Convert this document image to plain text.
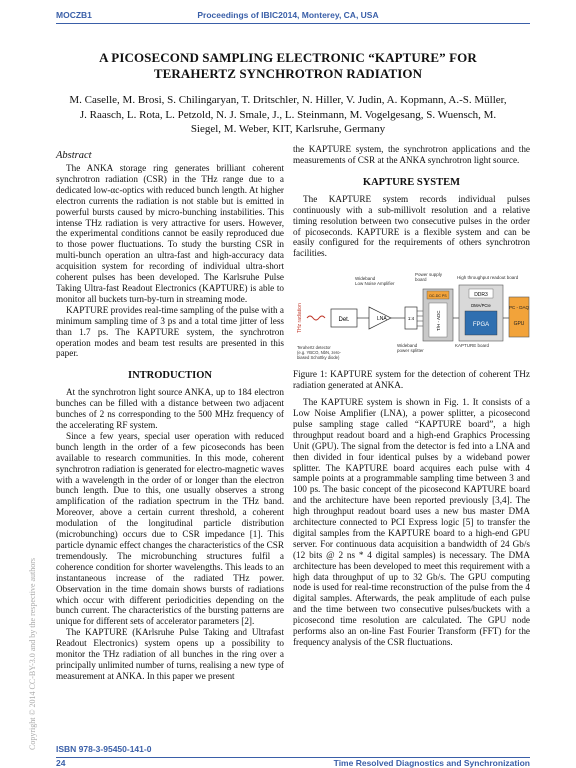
MOCZB1	Proceedings of IBIC2014, Monterey, CA, USA
A PICOSECOND SAMPLING ELECTRONIC “KAPTURE” FOR
TERAHERTZ SYNCHROTRON RADIATION
M. Caselle, M. Brosi, S. Chilingaryan, T. Dritschler, N. Hiller, V. Judin, A. Kopmann, A.-S. Müller,
J. Raasch, L. Rota, L. Petzold, N. J. Smale, J., L. Steinmann, M. Vogelgesang, S. Wuensch, M.
Siegel, M. Weber, KIT, Karlsruhe, Germany
Abstract

The ANKA storage ring generates brilliant coherent synchrotron radiation (CSR) in the THz range due to a dedicated low-αc-optics with reduced bunch length. At higher electron currents the radiation is not stable but is emitted in powerful bursts caused by micro-bunching instabilities. This intense THz radiation is very attractive for users. However, the experimental conditions cannot be easily reproduced due to those power fluctuations. To study the bursting CSR in multi-bunch operation an ultra-fast and high-accuracy data acquisition system for recording of individual ultra-short coherent pulses has been developed. The Karlsruhe Pulse Taking Ultra-fast Readout Electronics (KAPTURE) is able to monitor all buckets turn-by-turn in streaming mode.

KAPTURE provides real-time sampling of the pulse with a minimum sampling time of 3 ps and a total time jitter of less than 1.7 ps. The KAPTURE system, the synchrotron operation modes and beam test results are presented in this paper.

INTRODUCTION

At the synchrotron light source ANKA, up to 184 electron bunches can be filled with a distance between two adjacent bunches of 2 ns corresponding to the 500 MHz frequency of the accelerating RF system.

Since a few years, special user operation with reduced bunch length in the order of a few picoseconds has been available to research communities. In this mode, coherent synchrotron radiation is generated for electro-magnetic waves with a wavelength in the order of or longer than the electron bunch length. Due to this, one usually observes a strong amplification of the radiation spectrum in the THz band. Moreover, above a certain current threshold, a coherent modulation of the longitudinal particle distribution (microbunching) occurs due to CSR impedance [1]. This particle dynamic effect changes the characteristics of the CSR tremendously. The microbunching structures fulfil a coherence condition for shorter wavelengths. This leads to an instantaneous increase of the radiated THz power. Observation in the time domain shows bursts of radiations which occur with different periodicities depending on the bunch current. The characteristics of the bursting patterns are unique for different sets of accelerator parameters [2].

The KAPTURE (KArlsruhe Pulse Taking and Ultrafast Readout Electronics) system opens up a possibility to monitor the THz radiation of all bunches in the ring over a principally unlimited number of turns, realising a new type of measurement at ANKA. In this paper we present

the KAPTURE system, the synchrotron applications and the measurements of CSR at the ANKA synchrotron light source.

KAPTURE SYSTEM

The KAPTURE system records individual pulses continuously with a sub-millivolt resolution and a relative timing resolution between two consecutive pulses in the order of picoseconds. KAPTURE is a flexible system and can be easily configured for the requirements of others synchrotron facilities.

THz radiation	Det.
Terahertz detector (e.g. YBCO, NbN, zero-biased Schottky diode)
LNA
Wideband Low Noise Amplifier
1:4
Wideband power splitter
Power supply board
DC-DC PS
T/H - ADC
KAPTURE board
High throughput readout board
DDR3
DMA/PCIe
FPGA
PC - DAQ
GPU

Figure 1: KAPTURE system for the detection of coherent THz radiation generated at ANKA.

The KAPTURE system is shown in Fig. 1. It consists of a Low Noise Amplifier (LNA), a power splitter, a picosecond pulse sampling stage called “KAPTURE board”, a high throughput readout board and a high-end Graphics Processing Unit (GPU). The signal from the detector is fed into a LNA and then divided in four identical pulses by a wideband power splitter. The KAPTURE board acquires each pulse with 4 sample points at a programmable sampling time between 3 and 100 ps. The basic concept of the picosecond KAPTURE board and the architecture have been reported previously [3,4]. The high throughput readout board uses a new bus master DMA architecture connected to PCI Express logic [5] to transfer the digital samples from the KAPTURE board to a high-end GPU server. For continuous data acquisition a bandwidth of 24 Gb/s (12 bits @ 2 ns * 4 digital samples) is necessary. The DMA architecture has been developed to meet this requirement with a high data throughput of up to 32 Gb/s. The GPU computing node is used for real-time reconstruction of the pulse from the 4 digital samples. Afterwards, the peak amplitude of each pulse and the time between two consecutive pulses/buckets with a picosecond time resolution are calculated. The GPU node performs also an on-line Fast Fourier Transform (FFT) for the frequency analysis of the CSR fluctuations.

Copyright © 2014 CC-BY-3.0 and by the respective authors ISBN 978-3-95450-141-0
24	Time Resolved Diagnostics and Synchronization
